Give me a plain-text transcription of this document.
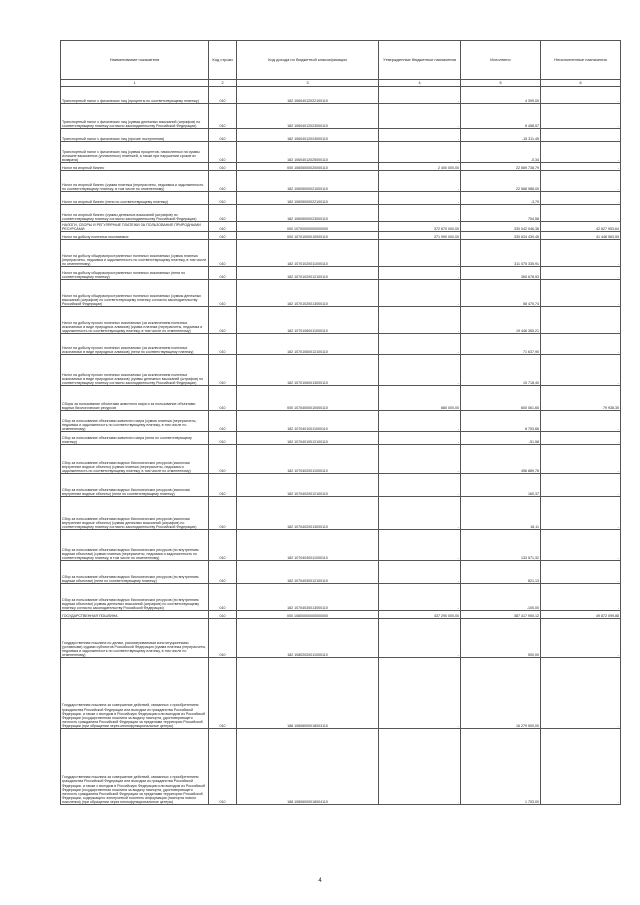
Наименование показателя	Код строки	Код дохода по бюджетной классификации	Утвержденные бюджетные назначения	Исполнено	Неисполненные назначения
1	2	3	4	5	6
Транспортный налог с физических лиц (проценты по соответствующему платежу)	010	182 10604012022100110	-	4 399,00	-
Транспортный налог с физических лиц (суммы денежных взысканий (штрафов) по соответствующему платежу согласно законодательству Российской Федерации)	010	182 10604012023000110	-	6 458,57	-
Транспортный налог с физических лиц (прочие поступления)	010	182 10604012024000110	-	-15 311,45	-
Транспортный налог с физических лиц (суммы процентов, начисленных на суммы излишне взысканных (уплаченных) платежей, а также при нарушении сроков их возврата)	010	182 10604012025000110	-	-0,34	-
Налог на игорный бизнес	010	000 10605000020000110	2 400 000,00	22 569 738,79	-
Налог на игорный бизнес (сумма платежа (перерасчеты, недоимка и задолженность по соответствующему платежу, в том числе по отмененному)	010	182 10605000021000110	-	22 568 988,00	-
Налог на игорный бизнес (пени по соответствующему платежу)	010	182 10605000022100110	-	-3,79	-
Налог на игорный бизнес (суммы денежных взысканий (штрафов) по соответствующему платежу согласно законодательству Российской Федерации)	010	182 10605000023000110	-	754,58	-
НАЛОГИ, СБОРЫ И РЕГУЛЯРНЫЕ ПЛАТЕЖИ ЗА ПОЛЬЗОВАНИЕ ПРИРОДНЫМИ РЕСУРСАМИ	010	000 10700000000000000	372 670 000,00	330 042 046,36	42 627 953,64
Налог на добычу полезных ископаемых	010	000 10701000010000110	371 990 000,00	330 634 439,45	41 448 563,55
Налог на добычу общераспространенных полезных ископаемых (сумма платежа (перерасчеты, недоимка и задолженность по соответствующему платежу, в том числе по отмененному)	010	182 10701020011000110	-	311 075 335,91	-
Налог на добычу общераспространенных полезных ископаемых (пени по соответствующему платежу)	010	182 10701020012100110	-	365 678,93	-
Налог на добычу общераспространенных полезных ископаемых (суммы денежных взысканий (штрафов) по соответствующему платежу согласно законодательству Российской Федерации)	010	182 10701020013000110	-	58 470,74	-
Налог на добычу прочих полезных ископаемых (за исключением полезных ископаемых в виде природных алмазов) (сумма платежа (перерасчеты, недоимка и задолженность по соответствующему платежу, в том числе по отмененному)	010	182 10701060011000110	-	19 446 365,21	-
Налог на добычу прочих полезных ископаемых (за исключением полезных ископаемых в виде природных алмазов) (пени по соответствующему платежу)	010	182 10701060012100110	-	71 637,90	-
Налог на добычу прочих полезных ископаемых (за исключением полезных ископаемых в виде природных алмазов) (суммы денежных взысканий (штрафов) по соответствующему платежу согласно законодательству Российской Федерации)	010	182 10701060013000110	-	15 718,40	-
Сборы за пользование объектами животного мира и за пользование объектами водных биологических ресурсов	010	000 10704000010000110	680 000,00	600 061,65	79 938,35
Сбор за пользование объектами животного мира (сумма платежа (перерасчеты, недоимка и задолженность по соответствующему платежу, в том числе по отмененному)	010	182 10704010011000110	-	8 753,66	-
Сбор за пользование объектами животного мира (пени по соответствующему платежу)	010	182 10704010012100110	-	-51,58	-
Сбор за пользование объектами водных биологических ресурсов (исключая внутренние водные объекты) (сумма платежа (перерасчеты, недоимка и задолженность по соответствующему платежу, в том числе по отмененному)	010	182 10704020011000110	-	456 889,78	-
Сбор за пользование объектами водных биологических ресурсов (исключая внутренние водные объекты) (пени по соответствующему платежу)	010	182 10704020012100110	-	160,37	-
Сбор за пользование объектами водных биологических ресурсов (исключая внутренние водные объекты) (суммы денежных взысканий (штрафов) по соответствующему платежу согласно законодательству Российской Федерации)	010	182 10704020013000110	-	16,11	-
Сбор за пользование объектами водных биологических ресурсов (по внутренним водным объектам) (сумма платежа (перерасчеты, недоимка и задолженность по соответствующему платежу, в том числе по отмененному)	010	182 10704030011000110	-	133 571,32	-
Сбор за пользование объектами водных биологических ресурсов (по внутренним водным объектам) (пени по соответствующему платежу)	010	182 10704030012100110	-	821,13	-
Сбор за пользование объектами водных биологических ресурсов (по внутренним водным объектам) (суммы денежных взысканий (штрафов) по соответствующему платежу согласно законодательству Российской Федерации)	010	182 10704030013000110	-	-100,00	-
ГОСУДАРСТВЕННАЯ ПОШЛИНА	010	000 10800000000000000	437 290 000,00	387 417 900,12	49 872 099,88
Государственная пошлина по делам, рассматриваемым конституционными (уставными) судами субъектов Российской Федерации (сумма платежа (перерасчеты, недоимка и задолженность по соответствующему платежу, в том числе по отмененному)	010	182 10802020011000110	-	500,00	-
Государственная пошлина за совершение действий, связанных с приобретением гражданства Российской Федерации или выходом из гражданства Российской Федерации, а также с въездом в Российскую Федерацию или выездом из Российской Федерации (государственная пошлина за выдачу паспорта, удостоверяющего личность гражданина Российской Федерации за пределами территории Российской Федерации (при обращении через многофункциональные центры)	010	188 10806000018003110	-	16 279 500,00	-
Государственная пошлина за совершение действий, связанных с приобретением гражданства Российской Федерации или выходом из гражданства Российской Федерации, а также с въездом в Российскую Федерацию или выездом из Российской Федерации (государственная пошлина за выдачу паспорта, удостоверяющего личность гражданина Российской Федерации за пределами территории Российской Федерации, содержащего электронный носитель информации (паспорта нового поколения) (при обращении через многофункциональные центры)	010	188 10806000018004110	-	1 753,00	-
4
